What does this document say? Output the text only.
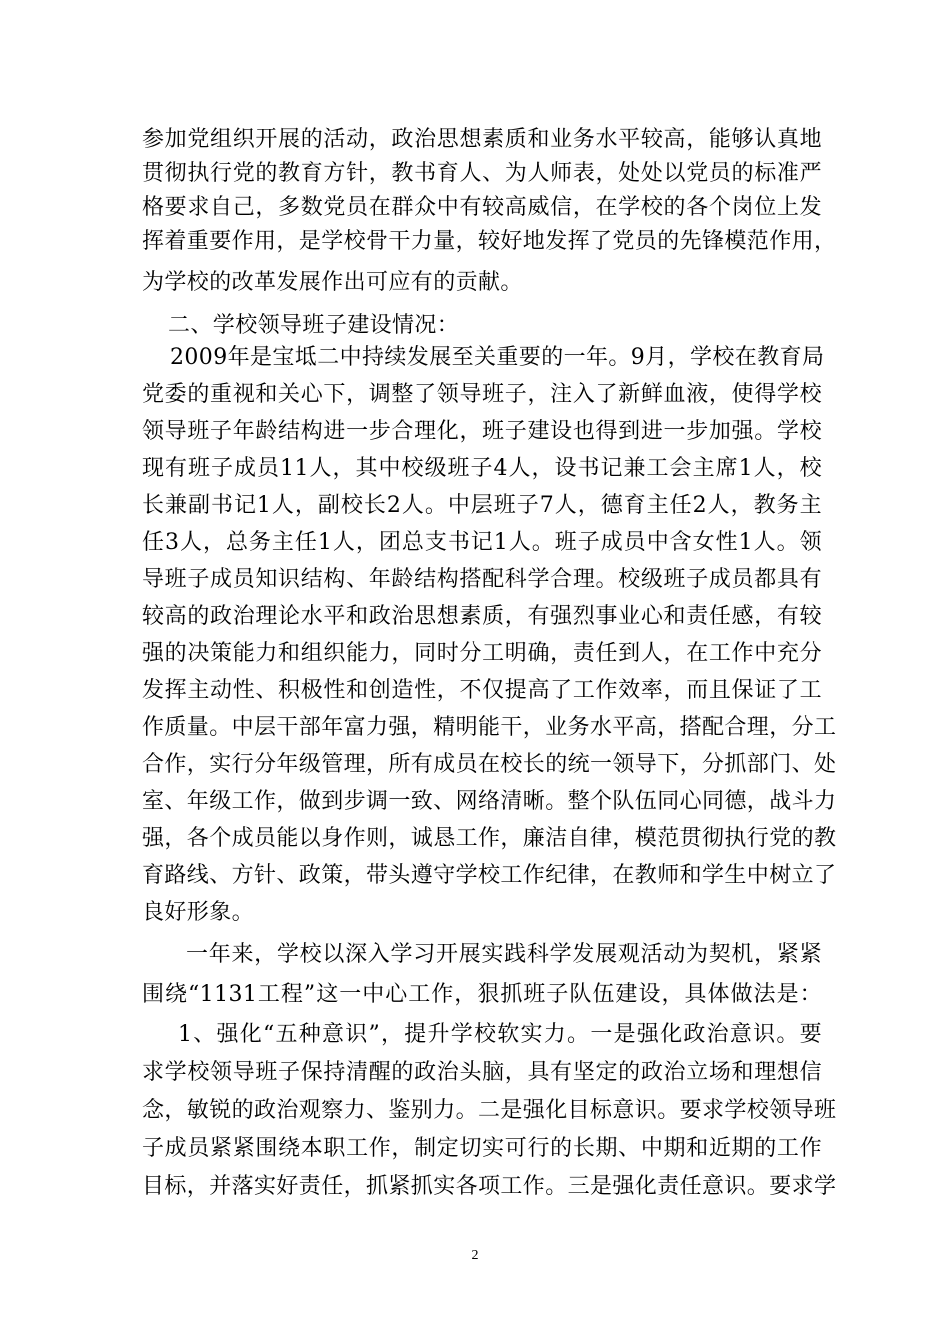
参加党组织开展的活动，政治思想素质和业务水平较高，能够认真地
贯彻执行党的教育方针，教书育人、为人师表，处处以党员的标准严
格要求自己，多数党员在群众中有较高威信，在学校的各个岗位上发
挥着重要作用，是学校骨干力量，较好地发挥了党员的先锋模范作用，
为学校的改革发展作出可应有的贡献。
二、学校领导班子建设情况：
2009年是宝坻二中持续发展至关重要的一年。9月，学校在教育局
党委的重视和关心下，调整了领导班子，注入了新鲜血液，使得学校
领导班子年龄结构进一步合理化，班子建设也得到进一步加强。学校
现有班子成员11人，其中校级班子4人，设书记兼工会主席1人，校
长兼副书记1人，副校长2人。中层班子7人，德育主任2人，教务主
任3人，总务主任1人，团总支书记1人。班子成员中含女性1人。领
导班子成员知识结构、年龄结构搭配科学合理。校级班子成员都具有
较高的政治理论水平和政治思想素质，有强烈事业心和责任感，有较
强的决策能力和组织能力，同时分工明确，责任到人，在工作中充分
发挥主动性、积极性和创造性，不仅提高了工作效率，而且保证了工
作质量。中层干部年富力强，精明能干，业务水平高，搭配合理，分工
合作，实行分年级管理，所有成员在校长的统一领导下，分抓部门、处
室、年级工作，做到步调一致、网络清晰。整个队伍同心同德，战斗力
强，各个成员能以身作则，诚恳工作，廉洁自律，模范贯彻执行党的教
育路线、方针、政策，带头遵守学校工作纪律，在教师和学生中树立了
良好形象。
一年来，学校以深入学习开展实践科学发展观活动为契机，紧紧
围绕“1131工程”这一中心工作，狠抓班子队伍建设，具体做法是：
1、强化“五种意识”，提升学校软实力。一是强化政治意识。要
求学校领导班子保持清醒的政治头脑，具有坚定的政治立场和理想信
念，敏锐的政治观察力、鉴别力。二是强化目标意识。要求学校领导班
子成员紧紧围绕本职工作，制定切实可行的长期、中期和近期的工作
目标，并落实好责任，抓紧抓实各项工作。三是强化责任意识。要求学
2
